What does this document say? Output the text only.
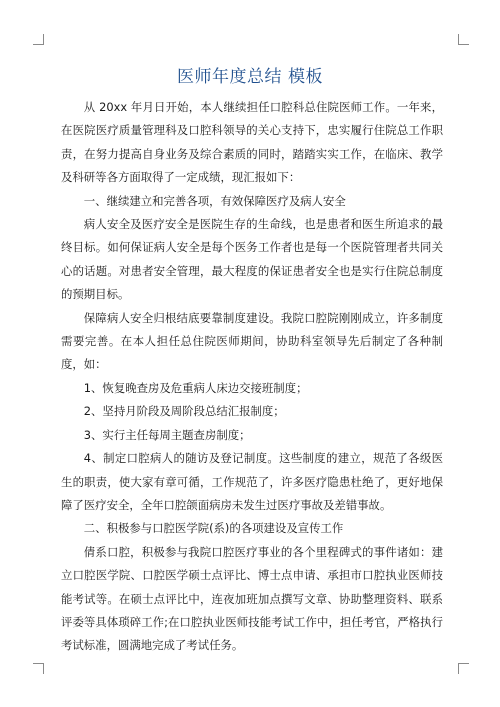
医师年度总结 模板

从 20xx 年月日开始，本人继续担任口腔科总住院医师工作。一年来，在医院医疗质量管理科及口腔科领导的关心支持下，忠实履行住院总工作职责，在努力提高自身业务及综合素质的同时，踏踏实实工作，在临床、教学及科研等各方面取得了一定成绩，现汇报如下：

一、继续建立和完善各项，有效保障医疗及病人安全

病人安全及医疗安全是医院生存的生命线，也是患者和医生所追求的最终目标。如何保证病人安全是每个医务工作者也是每一个医院管理者共同关心的话题。对患者安全管理，最大程度的保证患者安全也是实行住院总制度的预期目标。

保障病人安全归根结底要靠制度建设。我院口腔院刚刚成立，许多制度需要完善。在本人担任总住院医师期间，协助科室领导先后制定了各种制度，如：

1、恢复晚查房及危重病人床边交接班制度；

2、坚持月阶段及周阶段总结汇报制度；

3、实行主任每周主题查房制度；

4、制定口腔病人的随访及登记制度。这些制度的建立，规范了各级医生的职责，使大家有章可循，工作规范了，许多医疗隐患杜绝了，更好地保障了医疗安全，全年口腔颌面病房未发生过医疗事故及差错事故。

二、积极参与口腔医学院(系)的各项建设及宣传工作

倩系口腔，积极参与我院口腔医疗事业的各个里程碑式的事件诸如：建立口腔医学院、口腔医学硕士点评比、博士点申请、承担市口腔执业医师技能考试等。在硕士点评比中，连夜加班加点撰写文章、协助整理资料、联系评委等具体琐碎工作;在口腔执业医师技能考试工作中，担任考官，严格执行考试标准，圆满地完成了考试任务。
